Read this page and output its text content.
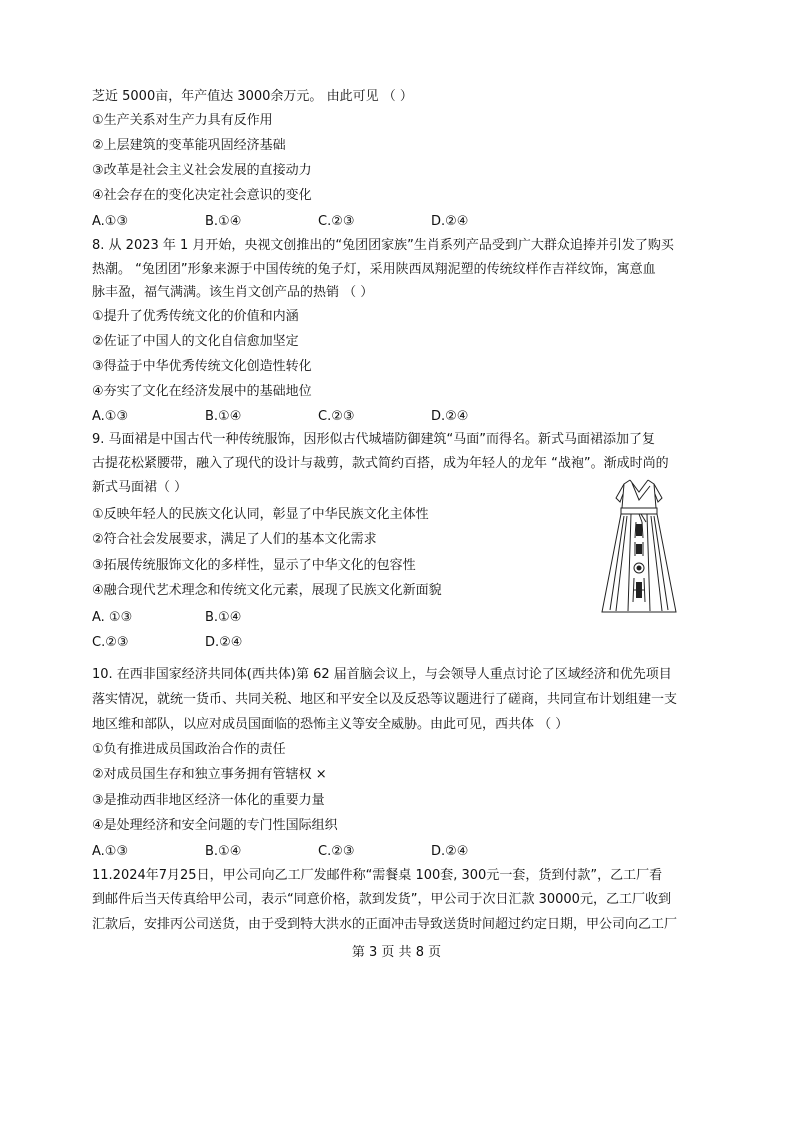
芝近 5000亩，年产值达 3000余万元。 由此可见 （ ）
①生产关系对生产力具有反作用
②上层建筑的变革能巩固经济基础
③改革是社会主义社会发展的直接动力
④社会存在的变化决定社会意识的变化
A.①③	B.①④	C.②③	D.②④
8. 从 2023 年 1 月开始，央视文创推出的“兔团团家族”生肖系列产品受到广大群众追捧并引发了购买
热潮。 “兔团团”形象来源于中国传统的兔子灯，采用陕西凤翔泥塑的传统纹样作吉祥纹饰，寓意血
脉丰盈，福气满满。该生肖文创产品的热销 （ ）
①提升了优秀传统文化的价值和内涵
②佐证了中国人的文化自信愈加坚定
③得益于中华优秀传统文化创造性转化
④夯实了文化在经济发展中的基础地位
A.①③	B.①④	C.②③	D.②④
9. 马面裙是中国古代一种传统服饰，因形似古代城墙防御建筑“马面”而得名。新式马面裙添加了复
古提花松紧腰带，融入了现代的设计与裁剪，款式简约百搭，成为年轻人的龙年 “战袍”。渐成时尚的
新式马面裙（ ）
①反映年轻人的民族文化认同，彰显了中华民族文化主体性
②符合社会发展要求，满足了人们的基本文化需求
③拓展传统服饰文化的多样性，显示了中华文化的包容性
④融合现代艺术理念和传统文化元素，展现了民族文化新面貌
A. ①③	B.①④
C.②③	D.②④
10. 在西非国家经济共同体(西共体)第 62 届首脑会议上，与会领导人重点讨论了区域经济和优先项目
落实情况，就统一货币、共同关税、地区和平安全以及反恐等议题进行了磋商，共同宣布计划组建一支
地区维和部队，以应对成员国面临的恐怖主义等安全威胁。由此可见，西共体 （ ）
①负有推进成员国政治合作的责任
②对成员国生存和独立事务拥有管辖权 ×
③是推动西非地区经济一体化的重要力量
④是处理经济和安全问题的专门性国际组织
A.①③	B.①④	C.②③	D.②④
11.2024年7月25日，甲公司向乙工厂发邮件称“需餐桌 100套, 300元一套，货到付款”，乙工厂看
到邮件后当天传真给甲公司，表示“同意价格，款到发货”，甲公司于次日汇款 30000元，乙工厂收到
汇款后，安排丙公司送货，由于受到特大洪水的正面冲击导致送货时间超过约定日期，甲公司向乙工厂
第 3 页 共 8 页
